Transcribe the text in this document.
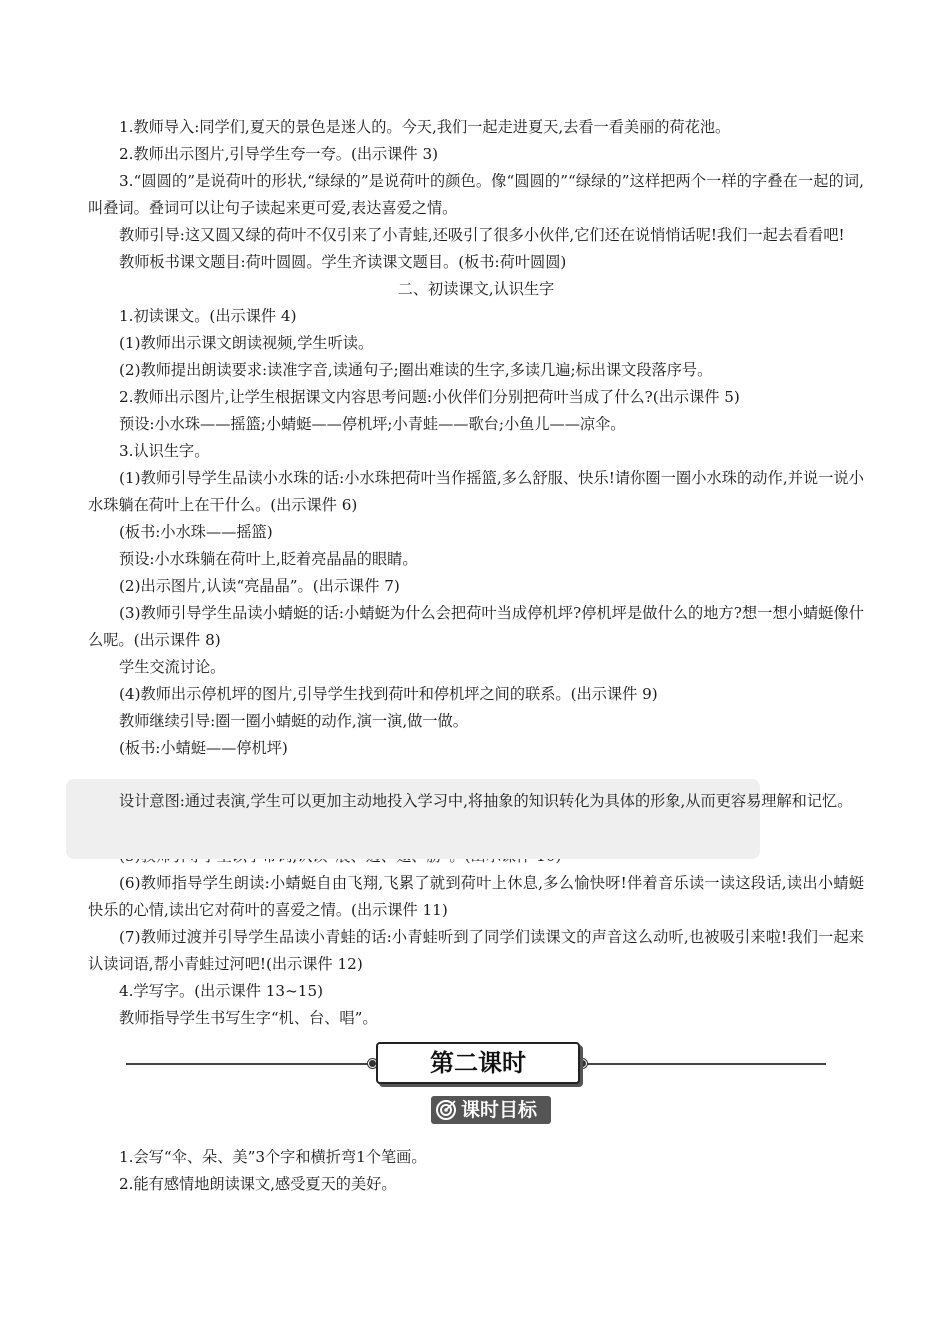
1.教师导入:同学们,夏天的景色是迷人的。今天,我们一起走进夏天,去看一看美丽的荷花池。

2.教师出示图片,引导学生夸一夸。(出示课件 3)

3.“圆圆的”是说荷叶的形状,“绿绿的”是说荷叶的颜色。像“圆圆的”“绿绿的”这样把两个一样的字叠在一起的词,叫叠词。叠词可以让句子读起来更可爱,表达喜爱之情。

教师引导:这又圆又绿的荷叶不仅引来了小青蛙,还吸引了很多小伙伴,它们还在说悄悄话呢!我们一起去看看吧!

教师板书课文题目:荷叶圆圆。学生齐读课文题目。(板书:荷叶圆圆)

二、初读课文,认识生字

1.初读课文。(出示课件 4)

(1)教师出示课文朗读视频,学生听读。

(2)教师提出朗读要求:读准字音,读通句子;圈出难读的生字,多读几遍;标出课文段落序号。

2.教师出示图片,让学生根据课文内容思考问题:小伙伴们分别把荷叶当成了什么?(出示课件 5)

预设:小水珠——摇篮;小蜻蜓——停机坪;小青蛙——歌台;小鱼儿——凉伞。

3.认识生字。

(1)教师引导学生品读小水珠的话:小水珠把荷叶当作摇篮,多么舒服、快乐!请你圈一圈小水珠的动作,并说一说小水珠躺在荷叶上在干什么。(出示课件 6)

(板书:小水珠——摇篮)

预设:小水珠躺在荷叶上,眨着亮晶晶的眼睛。

(2)出示图片,认读“亮晶晶”。(出示课件 7)

(3)教师引导学生品读小蜻蜓的话:小蜻蜓为什么会把荷叶当成停机坪?停机坪是做什么的地方?想一想小蜻蜓像什么呢。(出示课件 8)

学生交流讨论。

(4)教师出示停机坪的图片,引导学生找到荷叶和停机坪之间的联系。(出示课件 9)

教师继续引导:圈一圈小蜻蜓的动作,演一演,做一做。

(板书:小蜻蜓——停机坪)

设计意图:通过表演,学生可以更加主动地投入学习中,将抽象的知识转化为具体的形象,从而更容易理解和记忆。

(6)教师指导学生朗读:小蜻蜓自由飞翔,飞累了就到荷叶上休息,多么愉快呀!伴着音乐读一读这段话,读出小蜻蜓快乐的心情,读出它对荷叶的喜爱之情。(出示课件 11)

(7)教师过渡并引导学生品读小青蛙的话:小青蛙听到了同学们读课文的声音这么动听,也被吸引来啦!我们一起来认读词语,帮小青蛙过河吧!(出示课件 12)

4.学写字。(出示课件 13~15)

教师指导学生书写生字“机、台、唱”。

第二课时
课时目标

1.会写“伞、朵、美”3个字和横折弯1个笔画。

2.能有感情地朗读课文,感受夏天的美好。
